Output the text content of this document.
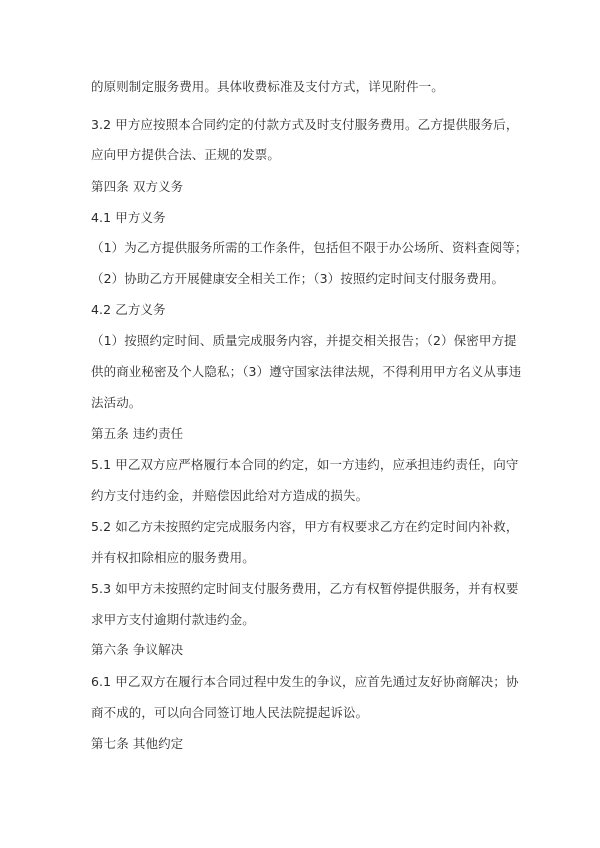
的原则制定服务费用。具体收费标准及支付方式，详见附件一。
3.2 甲方应按照本合同约定的付款方式及时支付服务费用。乙方提供服务后，
应向甲方提供合法、正规的发票。
第四条 双方义务
4.1 甲方义务
（1）为乙方提供服务所需的工作条件，包括但不限于办公场所、资料查阅等；
（2）协助乙方开展健康安全相关工作；（3）按照约定时间支付服务费用。
4.2 乙方义务
（1）按照约定时间、质量完成服务内容，并提交相关报告；（2）保密甲方提
供的商业秘密及个人隐私；（3）遵守国家法律法规，不得利用甲方名义从事违
法活动。
第五条 违约责任
5.1 甲乙双方应严格履行本合同的约定，如一方违约，应承担违约责任，向守
约方支付违约金，并赔偿因此给对方造成的损失。
5.2 如乙方未按照约定完成服务内容，甲方有权要求乙方在约定时间内补救，
并有权扣除相应的服务费用。
5.3 如甲方未按照约定时间支付服务费用，乙方有权暂停提供服务，并有权要
求甲方支付逾期付款违约金。
第六条 争议解决
6.1 甲乙双方在履行本合同过程中发生的争议，应首先通过友好协商解决；协
商不成的，可以向合同签订地人民法院提起诉讼。
第七条 其他约定
